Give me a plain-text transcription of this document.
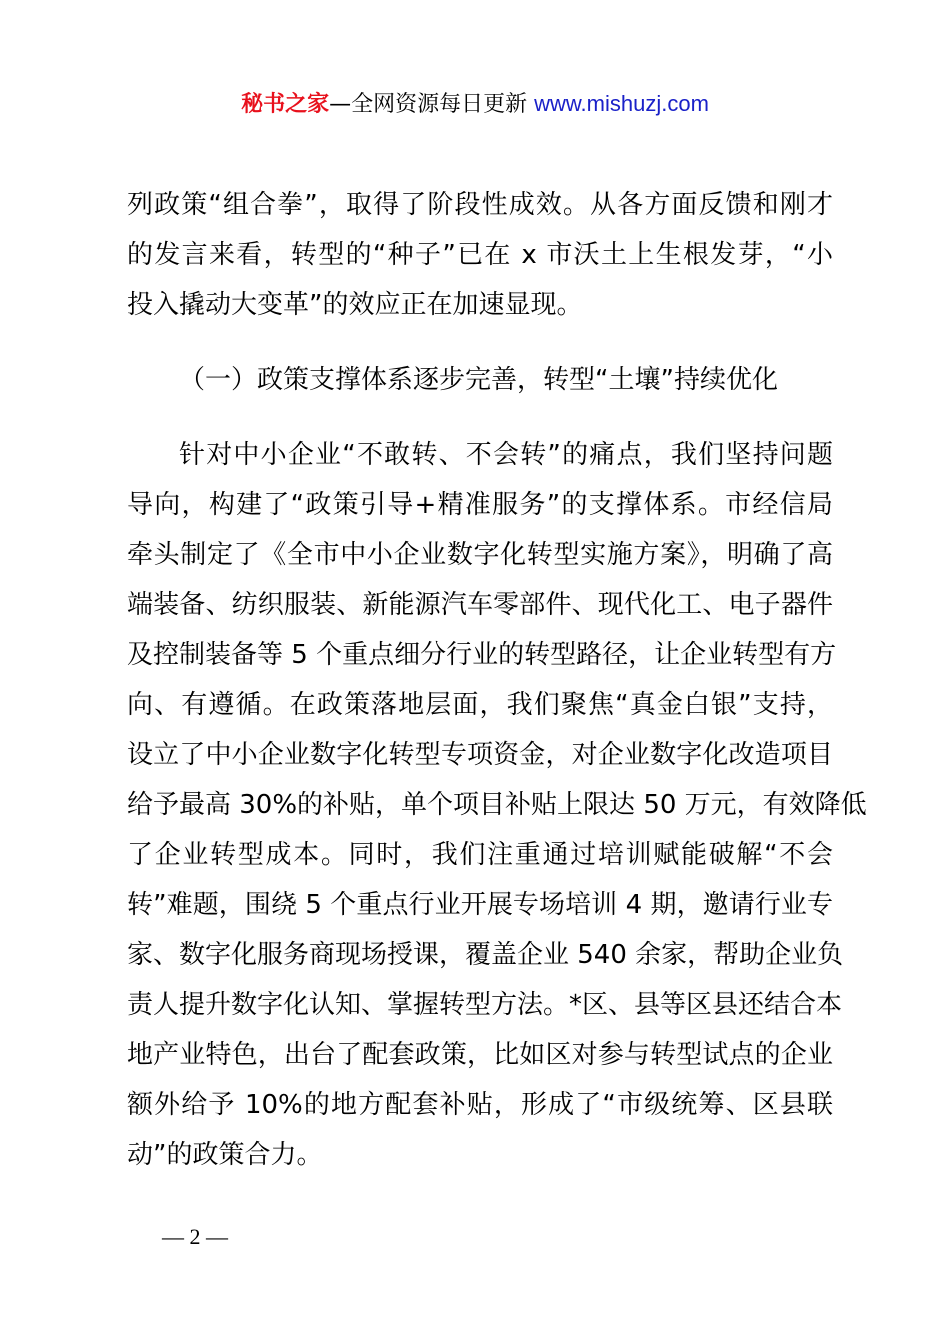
秘书之家—全网资源每日更新 www.mishuzj.com
列政策“组合拳”，取得了阶段性成效。从各方面反馈和刚才
的发言来看，转型的“种子”已在 x 市沃土上生根发芽，“小
投入撬动大变革”的效应正在加速显现。
（一）政策支撑体系逐步完善，转型“土壤”持续优化
针对中小企业“不敢转、不会转”的痛点，我们坚持问题
导向，构建了“政策引导+精准服务”的支撑体系。市经信局
牵头制定了《全市中小企业数字化转型实施方案》，明确了高
端装备、纺织服装、新能源汽车零部件、现代化工、电子器件
及控制装备等 5 个重点细分行业的转型路径，让企业转型有方
向、有遵循。在政策落地层面，我们聚焦“真金白银”支持，
设立了中小企业数字化转型专项资金，对企业数字化改造项目
给予最高 30%的补贴，单个项目补贴上限达 50 万元，有效降低
了企业转型成本。同时，我们注重通过培训赋能破解“不会
转”难题，围绕 5 个重点行业开展专场培训 4 期，邀请行业专
家、数字化服务商现场授课，覆盖企业 540 余家，帮助企业负
责人提升数字化认知、掌握转型方法。*区、县等区县还结合本
地产业特色，出台了配套政策，比如区对参与转型试点的企业
额外给予 10%的地方配套补贴，形成了“市级统筹、区县联
动”的政策合力。
— 2 —
